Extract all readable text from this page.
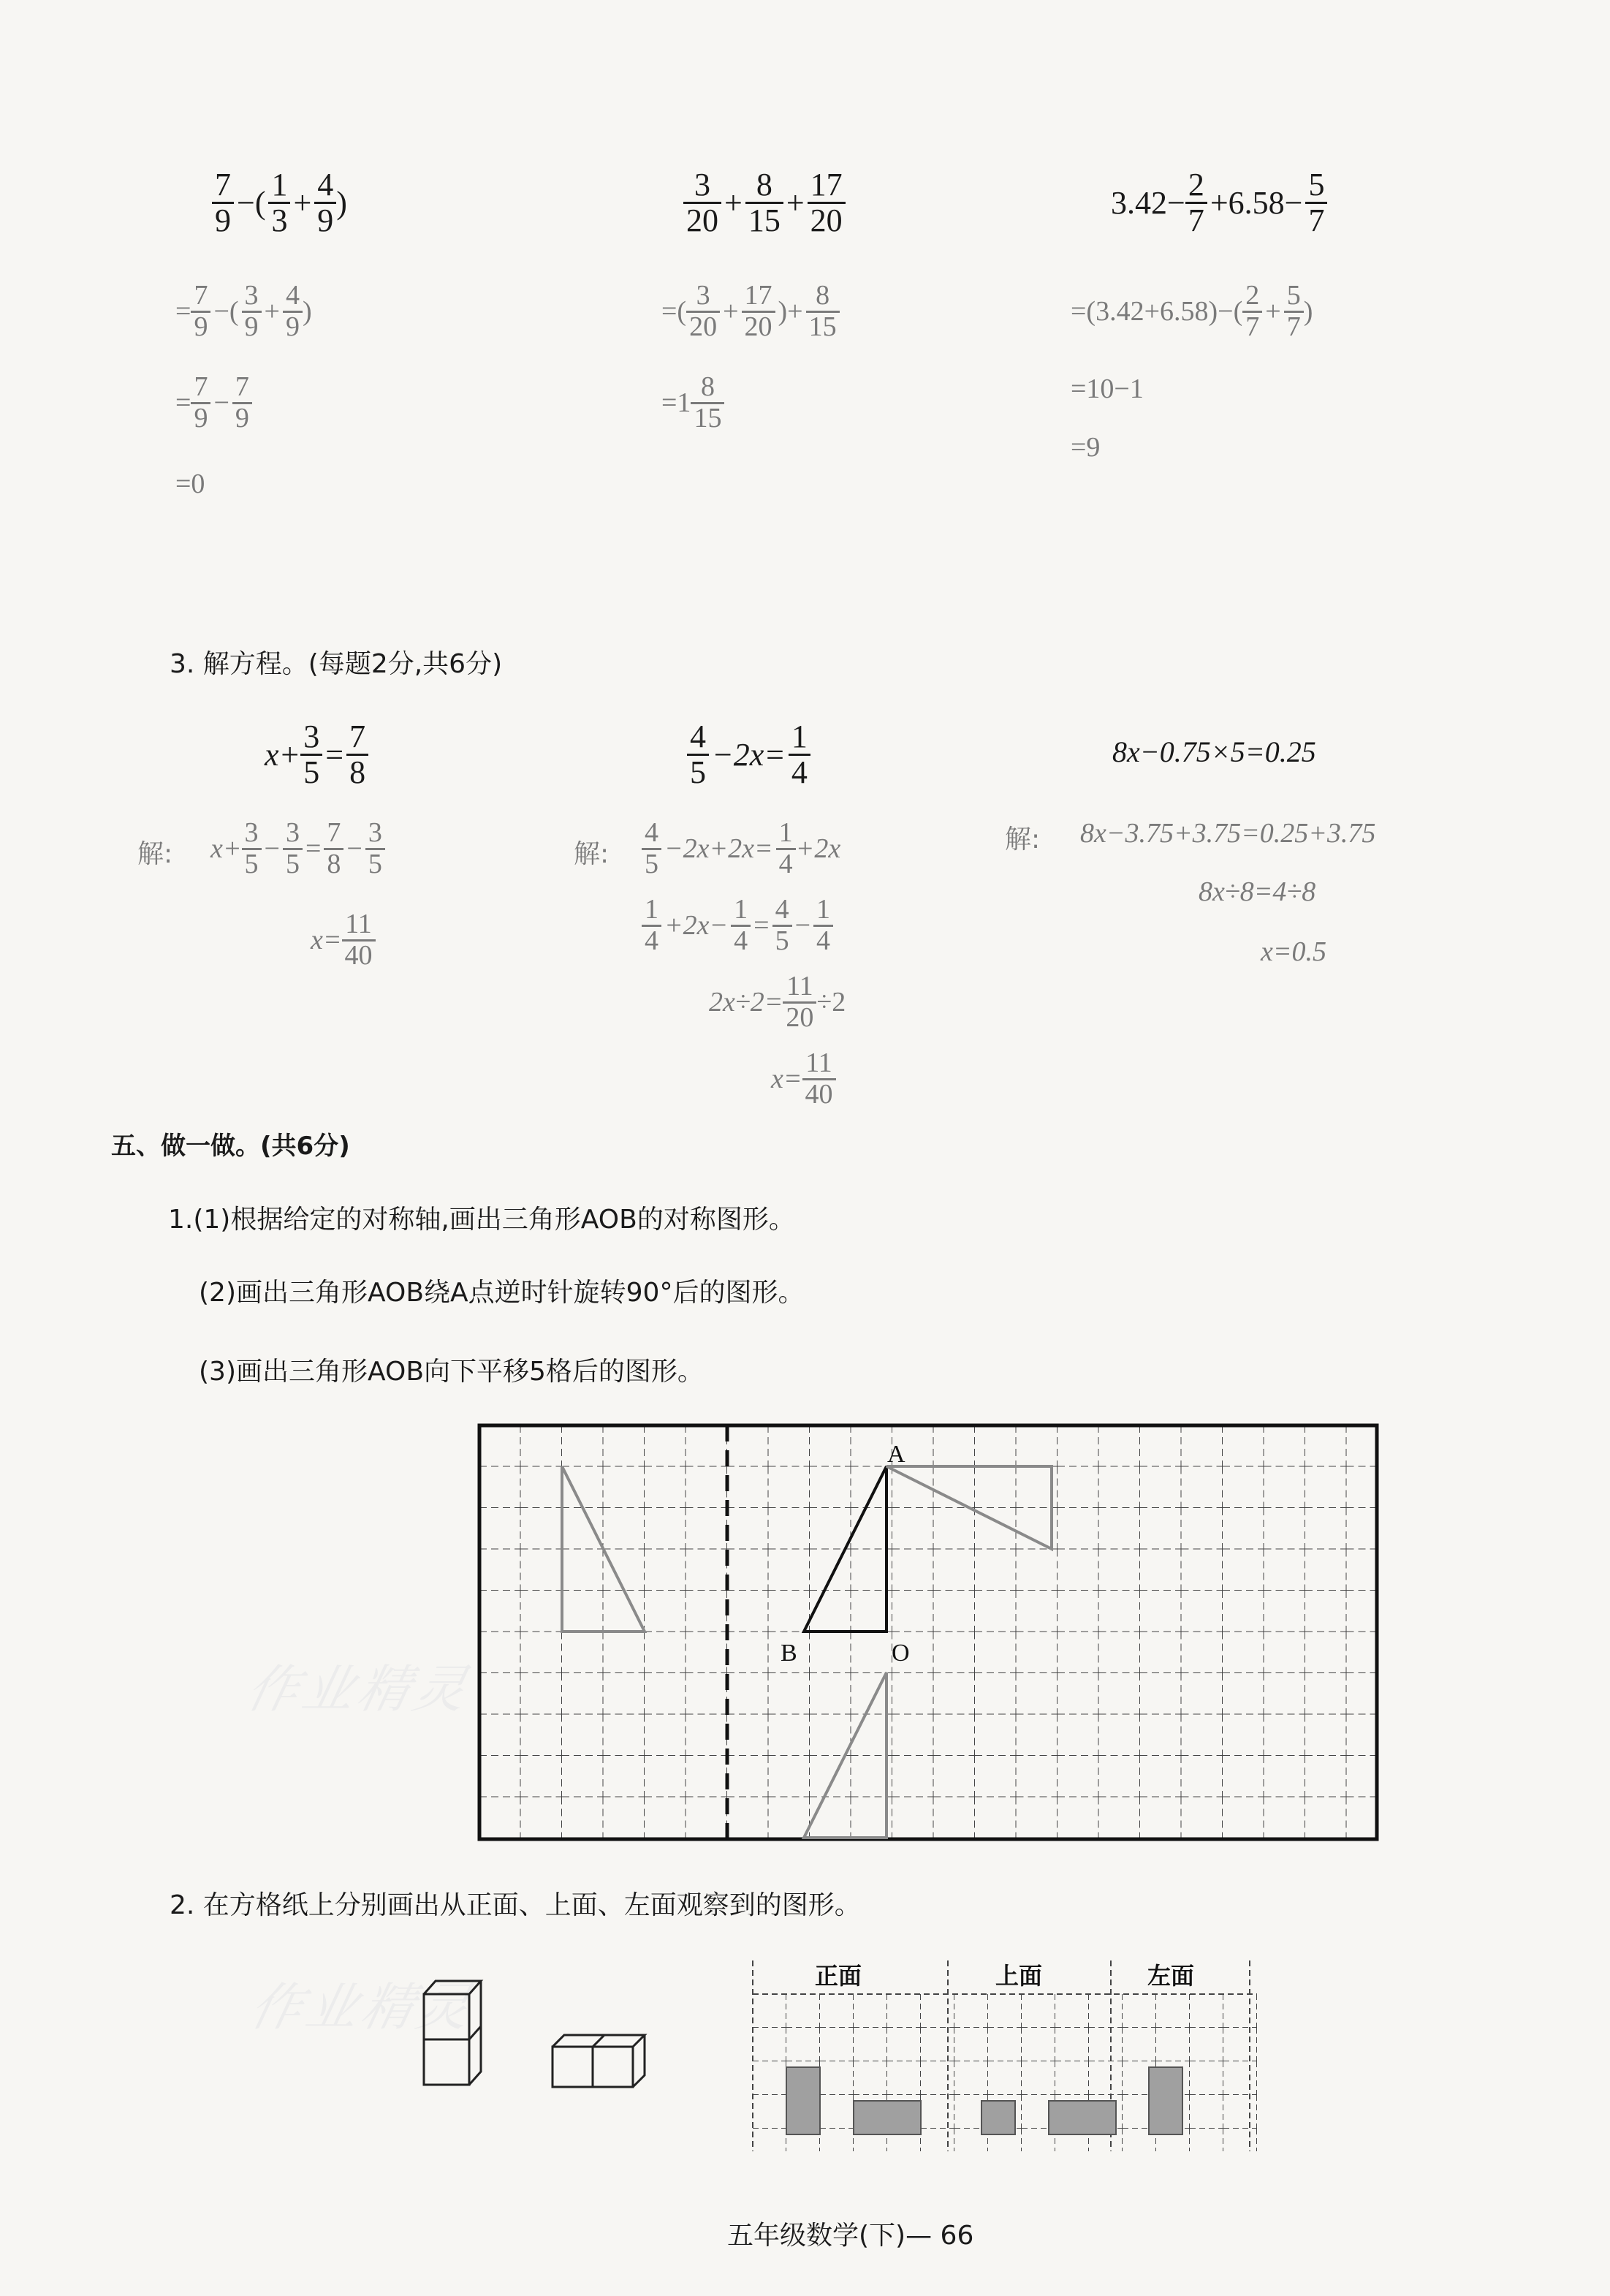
作业精灵
作业精灵
$\frac{7}{9}$ −( $\frac{1}{3} + \frac{4}{9}$ )
= $\frac{7}{9}$ −( $\frac{3}{9} + \frac{4}{9}$ )
= $\frac{7}{9} - \frac{7}{9}$
=0
$\frac{3}{20} + \frac{8}{15} + \frac{17}{20}$
=( $\frac{3}{20} + \frac{17}{20}$ )+ $\frac{8}{15}$
$=1 \frac{8}{15}$
$3.42- \frac{2}{7} +6.58- \frac{5}{7}$
$=(3.42+6.58)-( \frac{2}{7} + \frac{5}{7}$ )
=10−1
=9
3. 解方程。(每题2分,共6分)
$x+ \frac{3}{5} = \frac{7}{8}$
解: $x+ \frac{3}{5} - \frac{3}{5} = \frac{7}{8} - \frac{3}{5}$
$x= \frac{11}{40}$
$\frac{4}{5} -2x= \frac{1}{4}$
解: $\frac{4}{5} -2x+2x= \frac{1}{4} +2x$
$\frac{1}{4} +2x- \frac{1}{4} = \frac{4}{5} - \frac{1}{4}$
$2x\div 2= \frac{11}{20} \div 2$
$x= \frac{11}{40}$
8x−0.75×5=0.25
解: 8x−3.75+3.75=0.25+3.75
8x÷8=4÷8
x=0.5
五、做一做。(共6分)
1.(1)根据给定的对称轴,画出三角形AOB的对称图形。
(2)画出三角形AOB绕A点逆时针旋转90°后的图形。
(3)画出三角形AOB向下平移5格后的图形。
A
B	O
2. 在方格纸上分别画出从正面、上面、左面观察到的图形。
正面	上面	左面
五年级数学(下)— 66
